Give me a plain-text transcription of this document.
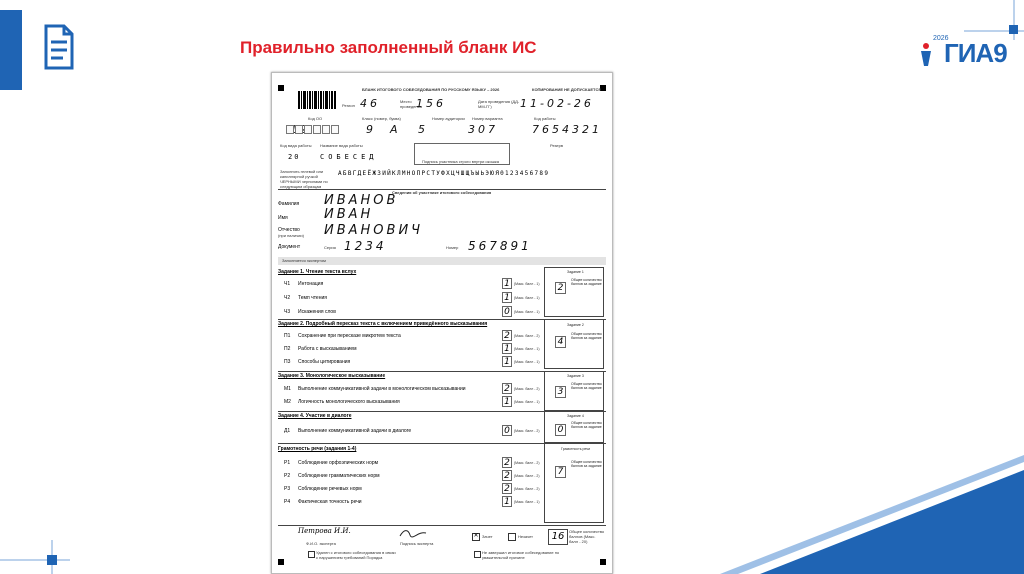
Правильно заполненный бланк ИС	2026
ГИА9
БЛАНК ИТОГОВОГО СОБЕСЕДОВАНИЯ ПО РУССКОМУ ЯЗЫКУ – 2026	КОПИРОВАНИЕ НЕ ДОПУСКАЕТСЯ
Регион 46	Место проведения
156	Дата проведения (ДД-ММ-ГГ)	11-02-26
Код ОО	Класс (номер, буква)	Номер аудитории Номер варианта	Код работы
9 А 5	307	7654321
Код вида работы Название вида работы
20	СОБЕСЕД
Подпись участника строго внутри окошка
Резерв
Заполнять гелевой или капиллярной ручкой ЧЕРНЫМИ чернилами по следующим образцам
АБВГДЕЁЖЗИЙКЛМНОПРСТУФХЦЧШЩЪЫЬЭЮЯ0123456789
Сведения об участнике итогового собеседования
Фамилия ИВАНОВ
Имя	ИВАН
Отчество
(при наличии) ИВАНОВИЧ
Документ	Серия 1234	Номер 567891
Заполняется экспертом
Задание 1. Чтение текста вслух
Ч1 Интонация	1	(Макс. балл - 1)
Ч2 Темп чтения	1	(Макс. балл - 1)
Ч3 Искажения слов	0	(Макс. балл - 1)
Задание 1
2
Общее количество баллов за задание
Задание 2. Подробный пересказ текста с включением приведённого высказывания
П1 Сохранение при пересказе микротем текста	2	(Макс. балл - 2)
П2 Работа с высказыванием	1	(Макс. балл - 1)
П3 Способы цитирования	1	(Макс. балл - 1)
Задание 2
4
Общее количество баллов за задание
Задание 3. Монологическое высказывание
М1 Выполнение коммуникативной задачи в монологическом высказывании	2	(Макс. балл - 2)
М2 Логичность монологического высказывания	1	(Макс. балл - 1)
Задание 3
3
Общее количество баллов за задание
Задание 4. Участие в диалоге
Д1 Выполнение коммуникативной задачи в диалоге	0	(Макс. балл - 2)
Задание 4
0
Общее количество баллов за задание
Грамотность речи (задания 1-4)
Р1 Соблюдение орфоэпических норм	2	(Макс. балл - 2)
Р2 Соблюдение грамматических норм	2	(Макс. балл - 2)
Р3 Соблюдение речевых норм	2	(Макс. балл - 2)
Р4 Фактическая точность речи	1	(Макс. балл - 1)
Грамотность речи
7
Общее количество баллов за задание
Петрова И.И.
Ф.И.О. эксперта	Подпись эксперта
✕ Зачет	Незачет	16	Общее количество баллов (Макс. балл - 20)
Удален с итогового собеседования в связи с нарушением требований Порядка
Не завершил итоговое собеседование по уважительной причине
